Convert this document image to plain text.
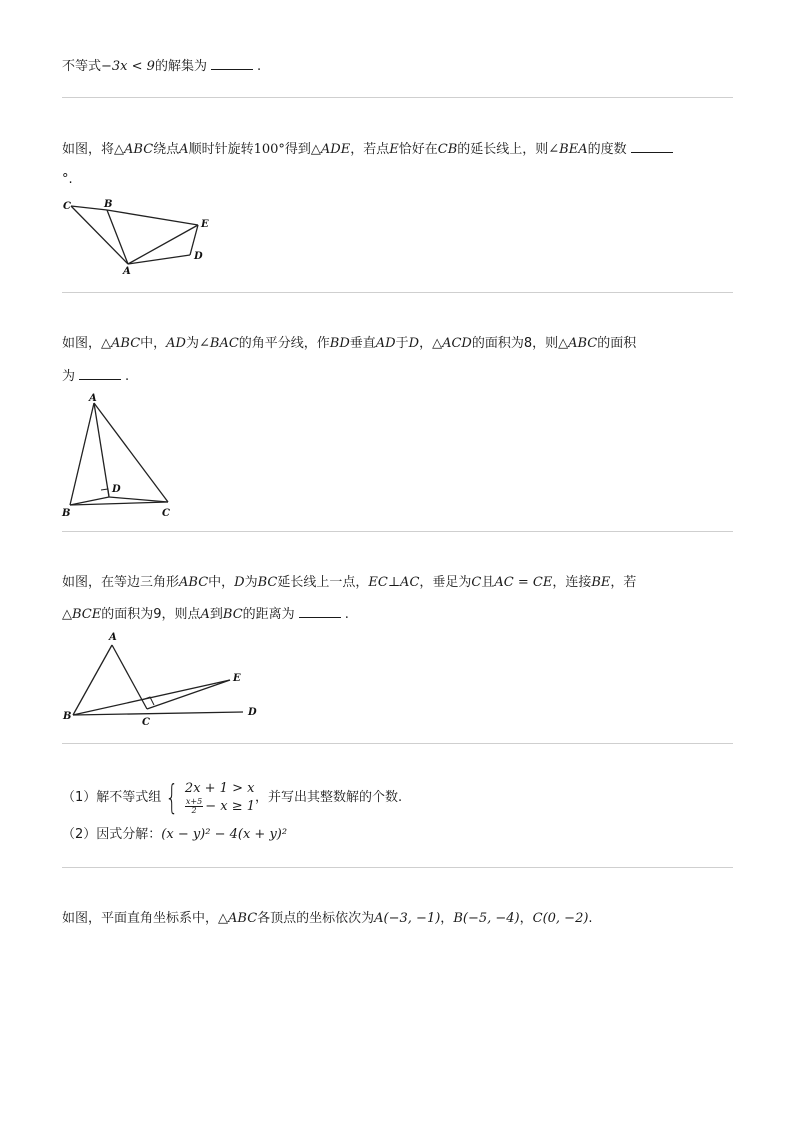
不等式−3x < 9的解集为	.
如图，将△ABC绕点A顺时针旋转100°得到△ADE，若点E恰好在CB的延长线上，则∠BEA的度数
°.
C	B
E
A
D
如图，△ABC中，AD为∠BAC的角平分线，作BD垂直AD于D，△ACD的面积为8，则△ABC的面积
为	.
A
D
B	C
如图，在等边三角形ABC中，D为BC延长线上一点，EC⊥AC，垂足为C且AC = CE，连接BE，若
△BCE的面积为9，则点A到BC的距离为	.
A
E
B
C
D
（1）解不等式组 { 2x + 1 > x
$\frac{x+5}{2} - x \ge 1$
，并写出其整数解的个数.
（2）因式分解：(x − y)² − 4(x + y)²
如图，平面直角坐标系中，△ABC各顶点的坐标依次为A(−3, −1)，B(−5, −4)，C(0, −2).
